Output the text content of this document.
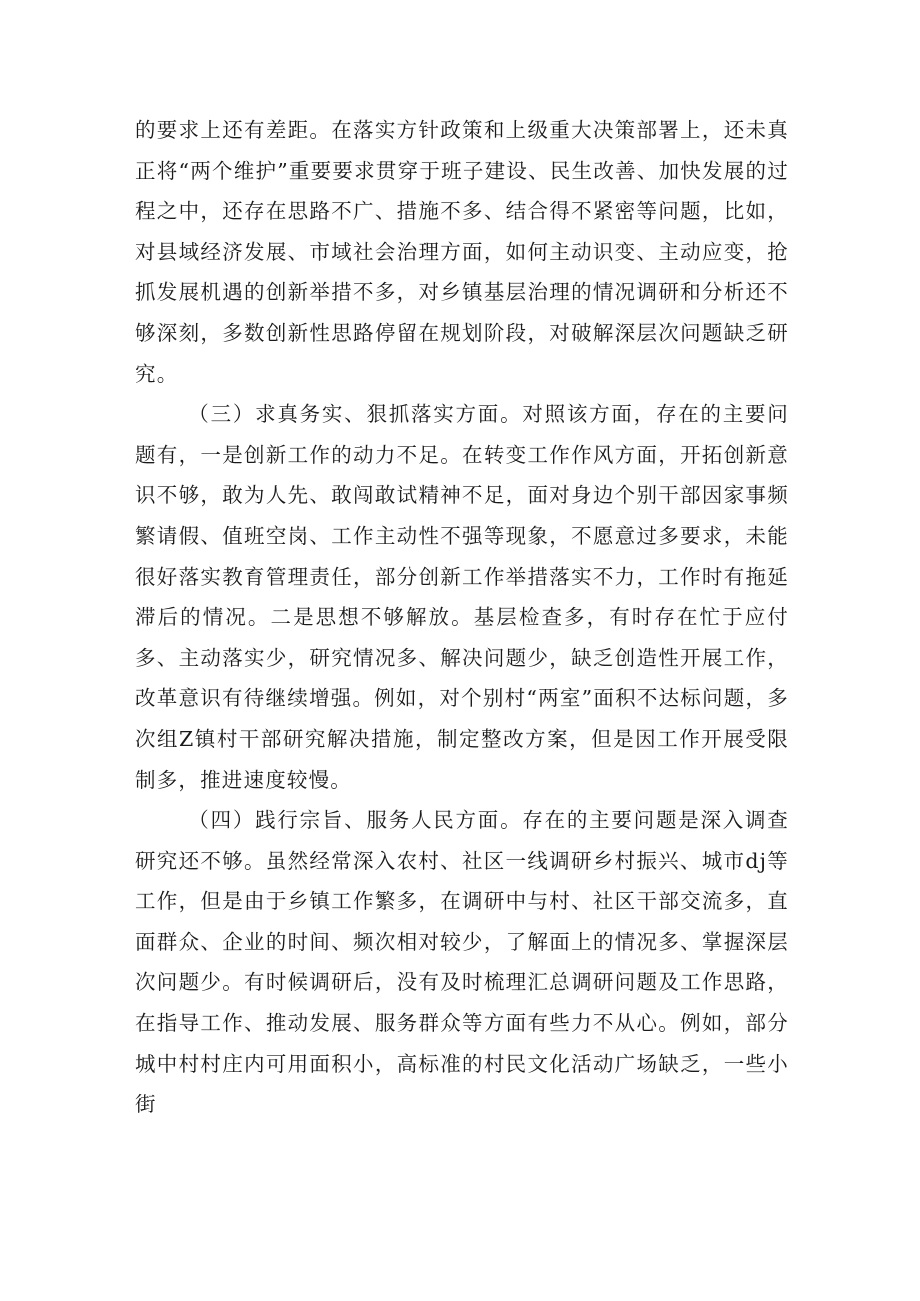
的要求上还有差距。在落实方针政策和上级重大决策部署上，还未真正将“两个维护”重要要求贯穿于班子建设、民生改善、加快发展的过程之中，还存在思路不广、措施不多、结合得不紧密等问题，比如，对县域经济发展、市域社会治理方面，如何主动识变、主动应变，抢抓发展机遇的创新举措不多，对乡镇基层治理的情况调研和分析还不够深刻，多数创新性思路停留在规划阶段，对破解深层次问题缺乏研究。

（三）求真务实、狠抓落实方面。对照该方面，存在的主要问题有，一是创新工作的动力不足。在转变工作作风方面，开拓创新意识不够，敢为人先、敢闯敢试精神不足，面对身边个别干部因家事频繁请假、值班空岗、工作主动性不强等现象，不愿意过多要求，未能很好落实教育管理责任，部分创新工作举措落实不力，工作时有拖延滞后的情况。二是思想不够解放。基层检查多，有时存在忙于应付多、主动落实少，研究情况多、解决问题少，缺乏创造性开展工作，改革意识有待继续增强。例如，对个别村“两室”面积不达标问题，多次组Z镇村干部研究解决措施，制定整改方案，但是因工作开展受限制多，推进速度较慢。

（四）践行宗旨、服务人民方面。存在的主要问题是深入调查研究还不够。虽然经常深入农村、社区一线调研乡村振兴、城市dj等工作，但是由于乡镇工作繁多，在调研中与村、社区干部交流多，直面群众、企业的时间、频次相对较少，了解面上的情况多、掌握深层次问题少。有时候调研后，没有及时梳理汇总调研问题及工作思路，在指导工作、推动发展、服务群众等方面有些力不从心。例如，部分城中村村庄内可用面积小，高标准的村民文化活动广场缺乏，一些小街
